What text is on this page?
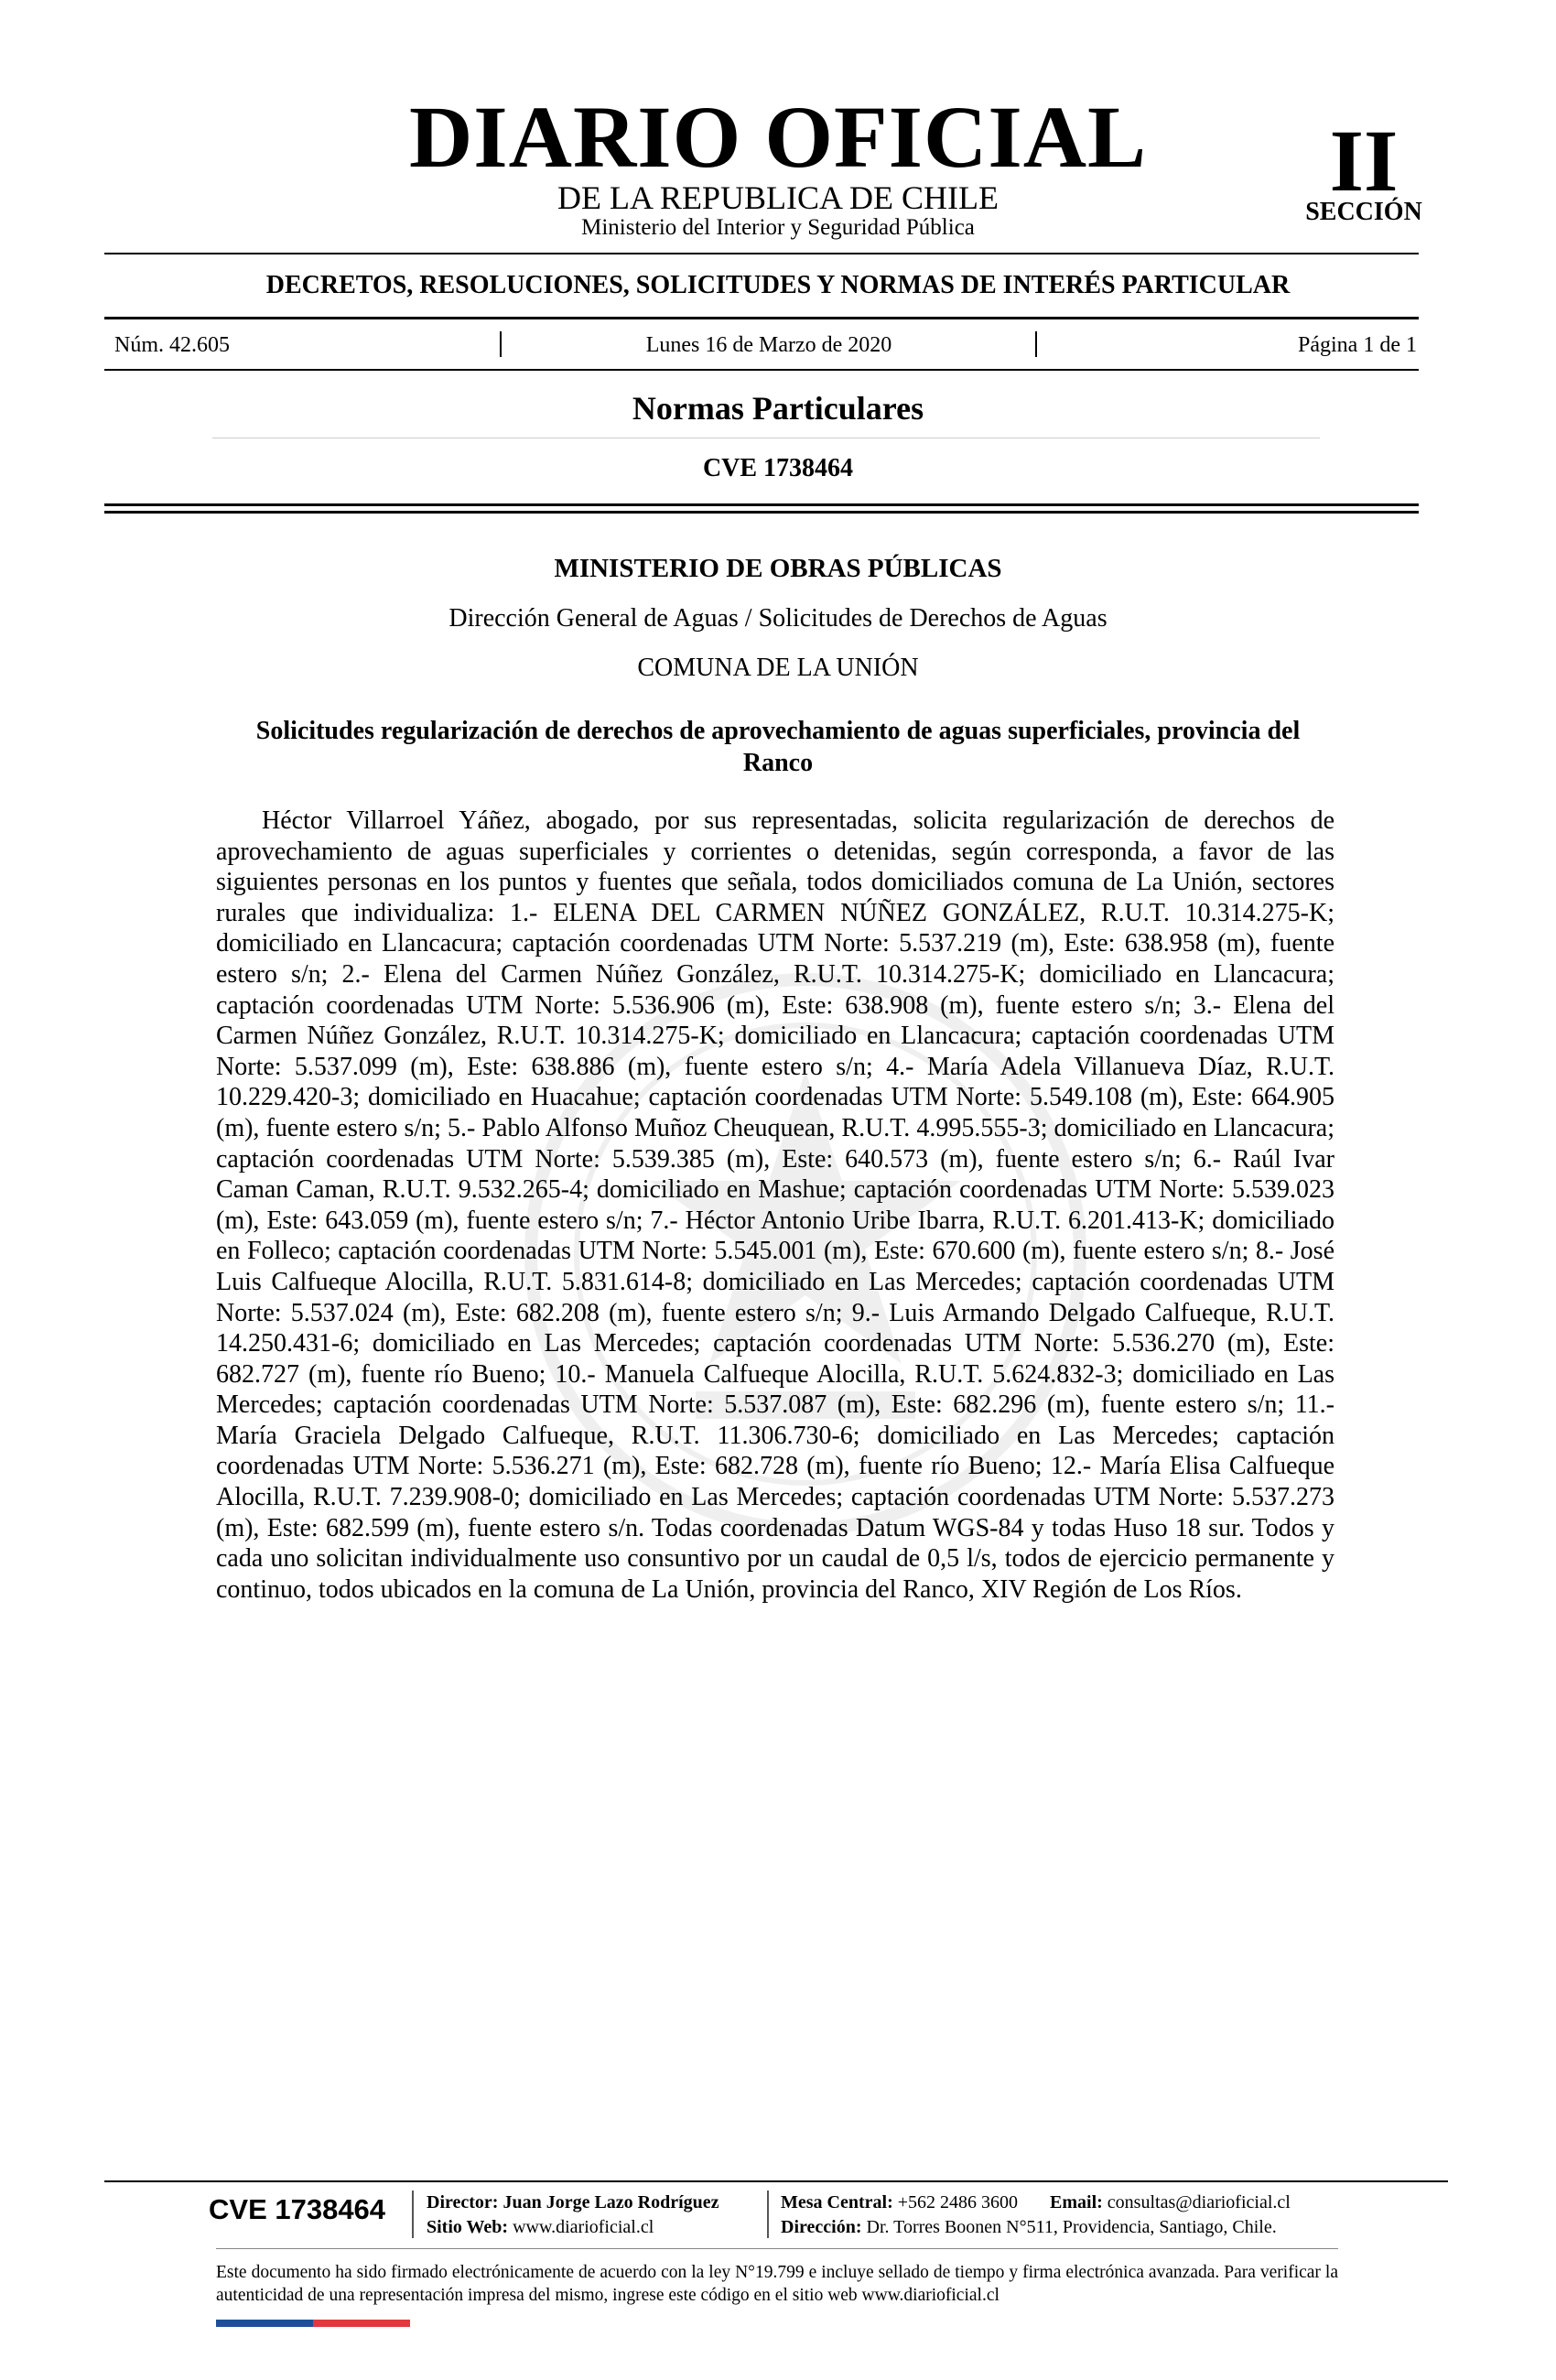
DIARIO OFICIAL
DE LA REPUBLICA DE CHILE
Ministerio del Interior y Seguridad Pública
II
SECCIÓN
DECRETOS, RESOLUCIONES, SOLICITUDES Y NORMAS DE INTERÉS PARTICULAR
Núm. 42.605	Lunes 16 de Marzo de 2020	Página 1 de 1
Normas Particulares
CVE 1738464
MINISTERIO DE OBRAS PÚBLICAS
Dirección General de Aguas / Solicitudes de Derechos de Aguas
COMUNA DE LA UNIÓN
Solicitudes regularización de derechos de aprovechamiento de aguas superficiales, provincia del Ranco
Héctor Villarroel Yáñez, abogado, por sus representadas, solicita regularización de derechos de aprovechamiento de aguas superficiales y corrientes o detenidas, según corresponda, a favor de las siguientes personas en los puntos y fuentes que señala, todos domiciliados comuna de La Unión, sectores rurales que individualiza: 1.- ELENA DEL CARMEN NÚÑEZ GONZÁLEZ, R.U.T. 10.314.275-K; domiciliado en Llancacura; captación coordenadas UTM Norte: 5.537.219 (m), Este: 638.958 (m), fuente estero s/n; 2.- Elena del Carmen Núñez González, R.U.T. 10.314.275-K; domiciliado en Llancacura; captación coordenadas UTM Norte: 5.536.906 (m), Este: 638.908 (m), fuente estero s/n; 3.- Elena del Carmen Núñez González, R.U.T. 10.314.275-K; domiciliado en Llancacura; captación coordenadas UTM Norte: 5.537.099 (m), Este: 638.886 (m), fuente estero s/n; 4.- María Adela Villanueva Díaz, R.U.T. 10.229.420-3; domiciliado en Huacahue; captación coordenadas UTM Norte: 5.549.108 (m), Este: 664.905 (m), fuente estero s/n; 5.- Pablo Alfonso Muñoz Cheuquean, R.U.T. 4.995.555-3; domiciliado en Llancacura; captación coordenadas UTM Norte: 5.539.385 (m), Este: 640.573 (m), fuente estero s/n; 6.- Raúl Ivar Caman Caman, R.U.T. 9.532.265-4; domiciliado en Mashue; captación coordenadas UTM Norte: 5.539.023 (m), Este: 643.059 (m), fuente estero s/n; 7.- Héctor Antonio Uribe Ibarra, R.U.T. 6.201.413-K; domiciliado en Folleco; captación coordenadas UTM Norte: 5.545.001 (m), Este: 670.600 (m), fuente estero s/n; 8.- José Luis Calfueque Alocilla, R.U.T. 5.831.614-8; domiciliado en Las Mercedes; captación coordenadas UTM Norte: 5.537.024 (m), Este: 682.208 (m), fuente estero s/n; 9.- Luis Armando Delgado Calfueque, R.U.T. 14.250.431-6; domiciliado en Las Mercedes; captación coordenadas UTM Norte: 5.536.270 (m), Este: 682.727 (m), fuente río Bueno; 10.- Manuela Calfueque Alocilla, R.U.T. 5.624.832-3; domiciliado en Las Mercedes; captación coordenadas UTM Norte: 5.537.087 (m), Este: 682.296 (m), fuente estero s/n; 11.- María Graciela Delgado Calfueque, R.U.T. 11.306.730-6; domiciliado en Las Mercedes; captación coordenadas UTM Norte: 5.536.271 (m), Este: 682.728 (m), fuente río Bueno; 12.- María Elisa Calfueque Alocilla, R.U.T. 7.239.908-0; domiciliado en Las Mercedes; captación coordenadas UTM Norte: 5.537.273 (m), Este: 682.599 (m), fuente estero s/n. Todas coordenadas Datum WGS-84 y todas Huso 18 sur. Todos y cada uno solicitan individualmente uso consuntivo por un caudal de 0,5 l/s, todos de ejercicio permanente y continuo, todos ubicados en la comuna de La Unión, provincia del Ranco, XIV Región de Los Ríos.
CVE 1738464 Director: Juan Jorge Lazo Rodríguez
Sitio Web: www.diarioficial.cl
Mesa Central: +562 2486 3600 Email: consultas@diarioficial.cl
Dirección: Dr. Torres Boonen N°511, Providencia, Santiago, Chile.
Este documento ha sido firmado electrónicamente de acuerdo con la ley N°19.799 e incluye sellado de tiempo y firma electrónica avanzada. Para verificar la autenticidad de una representación impresa del mismo, ingrese este código en el sitio web www.diarioficial.cl
